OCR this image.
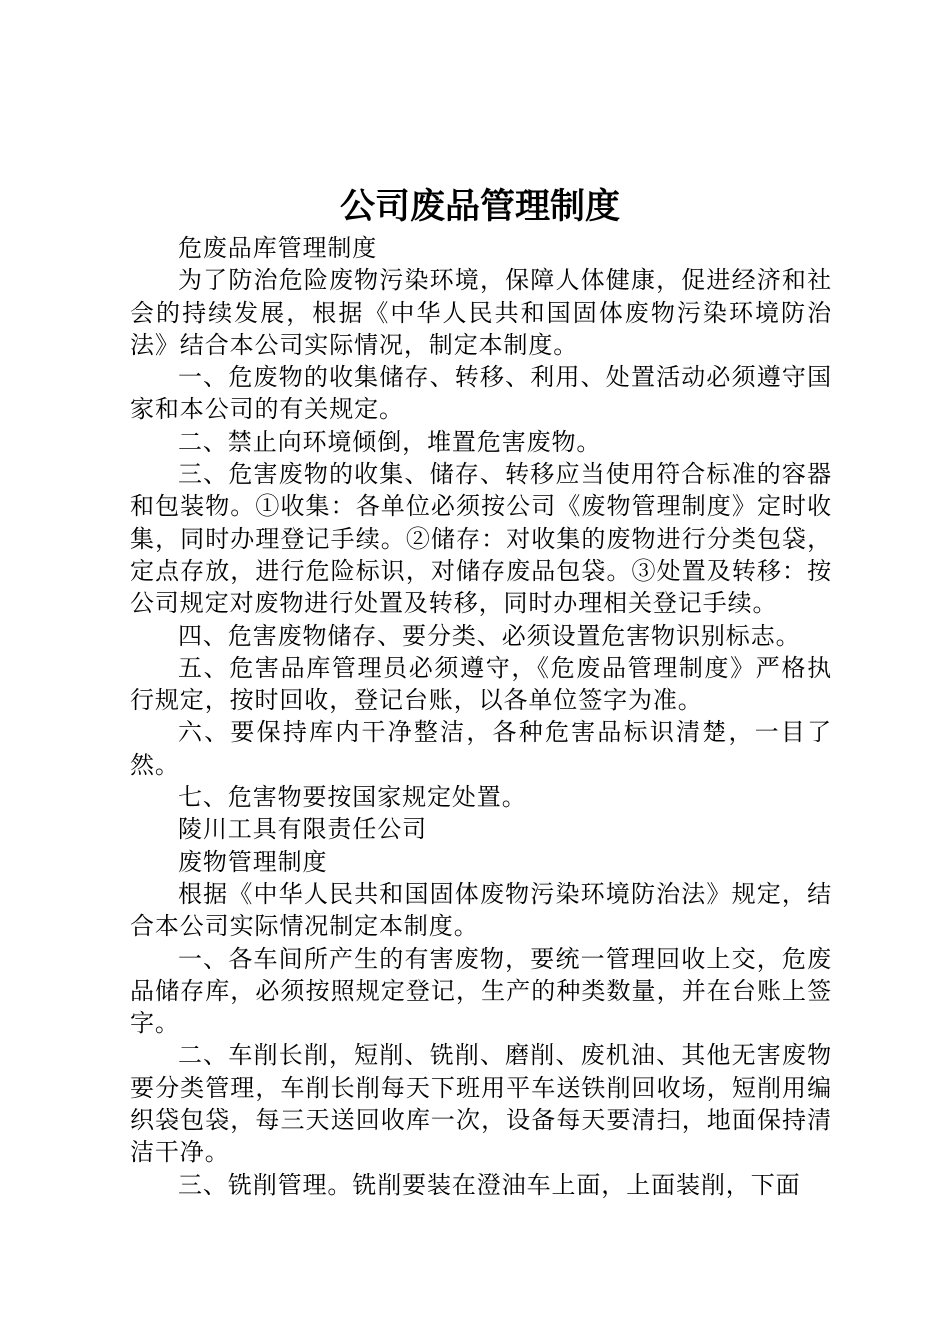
公司废品管理制度

危废品库管理制度

为了防治危险废物污染环境，保障人体健康，促进经济和社会的持续发展，根据《中华人民共和国固体废物污染环境防治法》结合本公司实际情况，制定本制度。

一、危废物的收集储存、转移、利用、处置活动必须遵守国家和本公司的有关规定。

二、禁止向环境倾倒，堆置危害废物。

三、危害废物的收集、储存、转移应当使用符合标准的容器和包装物。①收集：各单位必须按公司《废物管理制度》定时收集，同时办理登记手续。②储存：对收集的废物进行分类包袋，定点存放，进行危险标识，对储存废品包袋。③处置及转移：按公司规定对废物进行处置及转移，同时办理相关登记手续。

四、危害废物储存、要分类、必须设置危害物识别标志。

五、危害品库管理员必须遵守，《危废品管理制度》严格执行规定，按时回收，登记台账，以各单位签字为准。

六、要保持库内干净整洁，各种危害品标识清楚，一目了然。

七、危害物要按国家规定处置。

陵川工具有限责任公司

废物管理制度

根据《中华人民共和国固体废物污染环境防治法》规定，结合本公司实际情况制定本制度。

一、各车间所产生的有害废物，要统一管理回收上交，危废品储存库，必须按照规定登记，生产的种类数量，并在台账上签字。

二、车削长削，短削、铣削、磨削、废机油、其他无害废物要分类管理，车削长削每天下班用平车送铁削回收场，短削用编织袋包袋，每三天送回收库一次，设备每天要清扫，地面保持清洁干净。

三、铣削管理。铣削要装在澄油车上面，上面装削，下面
